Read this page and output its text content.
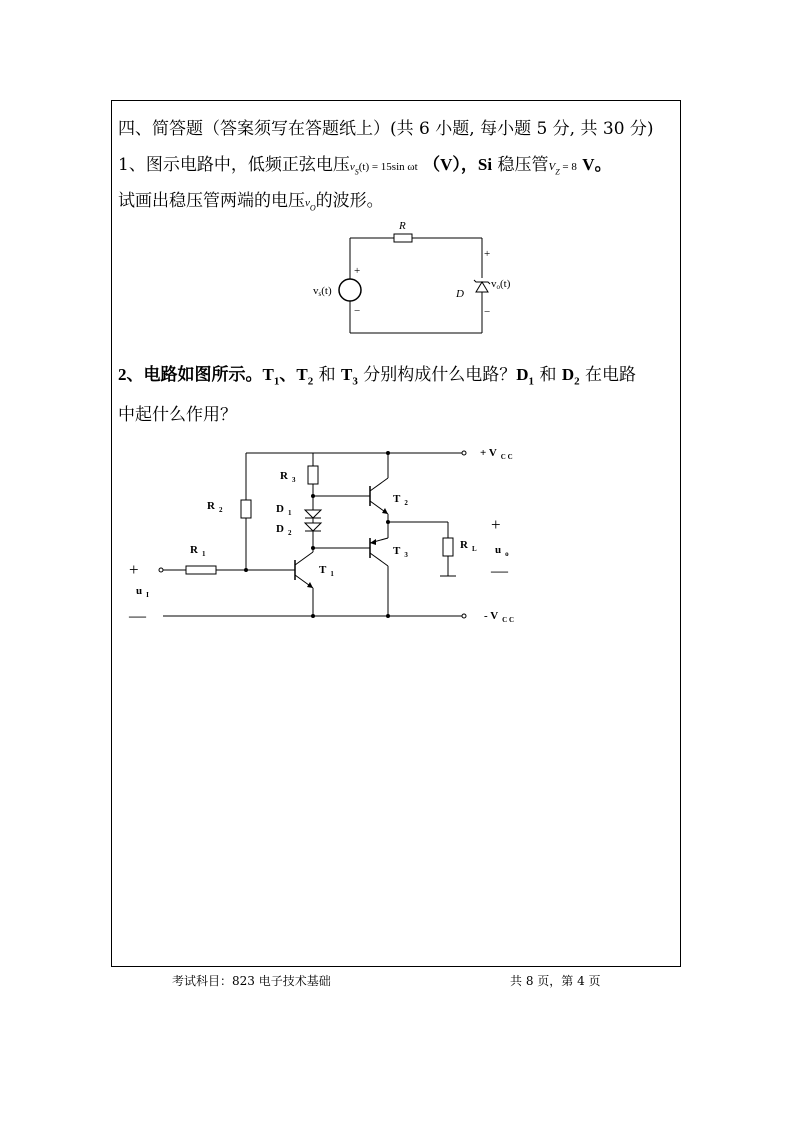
四、简答题（答案须写在答题纸上）(共 6 小题, 每小题 5 分, 共 30 分)
1、图示电路中，低频正弦电压$v_S(t) = 15\sin$ ωt （V），Si 稳压管$V_Z = 8$ V。
试画出稳压管两端的电压$v_O$的波形。
R
+
−
vs(t)	D
vo(t)
+
−
2、电路如图所示。$T_1$、$T_2$ 和 $T_3$ 分别构成什么电路？$D_1$ 和 $D_2$ 在电路
中起什么作用？
+ V $_{C C}$
- V $_{C C}$
R $_3$
R $_2$	D $_1$
D $_2$
R $_1$
T $_1$
T $_2$
T $_3$
R $_L$
u $_I$
u $_o$
+
—
+
—
考试科目：823 电子技术基础	共 8 页，第 4 页
